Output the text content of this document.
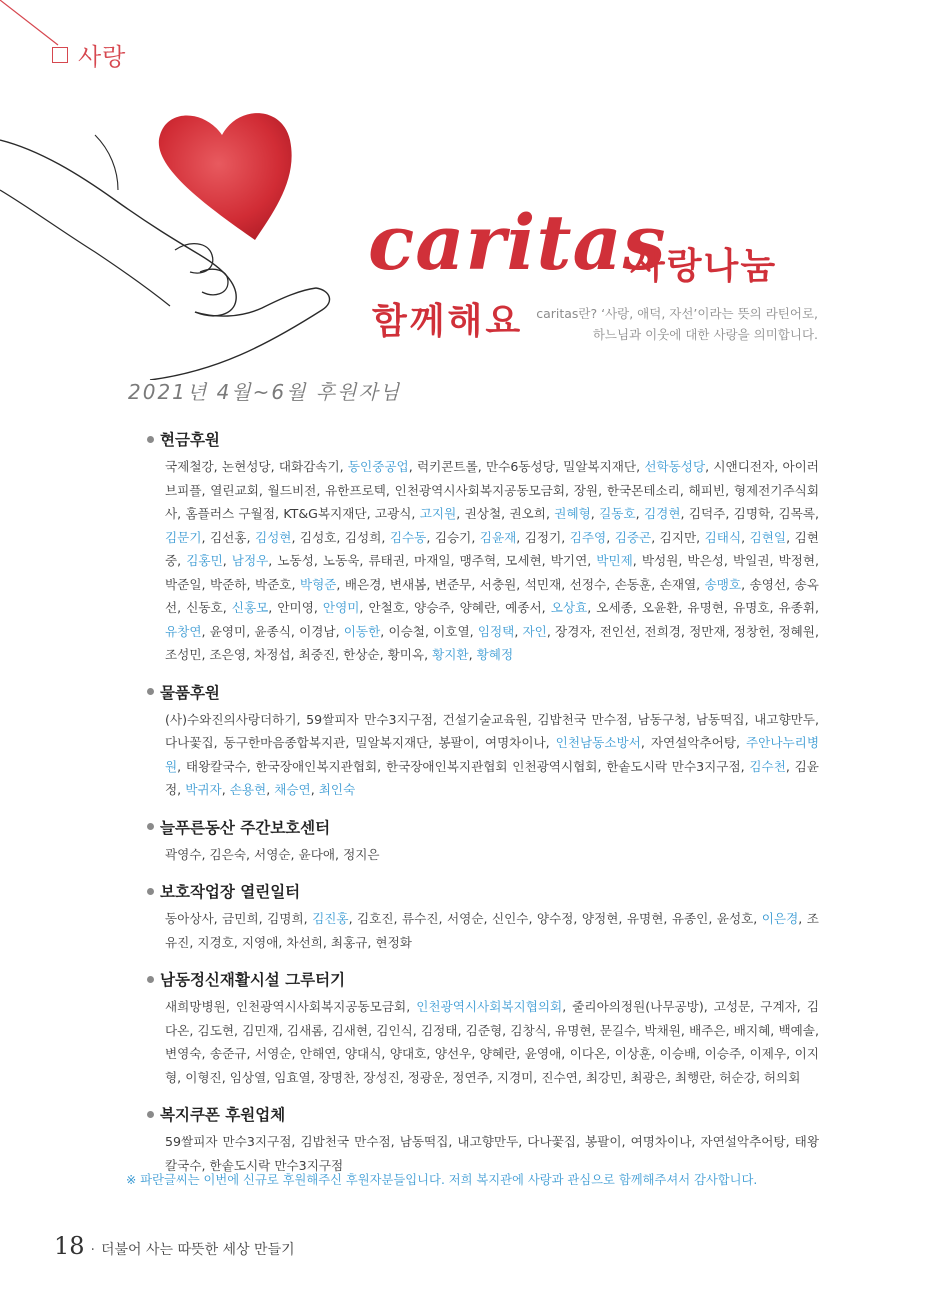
사랑
caritas
사랑나눔
함께해요 caritas란? ‘사랑, 애덕, 자선’이라는 뜻의 라틴어로,
하느님과 이웃에 대한 사랑을 의미합니다.
2021년 4월~6월 후원자님
현금후원
국제철강, 논현성당, 대화감속기, 동인중공업, 럭키콘트롤, 만수6동성당, 밀알복지재단, 선학동성당, 시앤디전자, 아이러브피플, 열린교회, 월드비전, 유한프로텍, 인천광역시사회복지공동모금회, 장원, 한국몬테소리, 해피빈, 형제전기주식회사, 홈플러스 구월점, KT&G복지재단, 고광식, 고지원, 권상철, 권오희, 권혜형, 길동호, 김경현, 김덕주, 김명학, 김목록, 김문기, 김선홍, 김성현, 김성호, 김성희, 김수동, 김승기, 김윤재, 김정기, 김주영, 김중곤, 김지만, 김태식, 김현일, 김현중, 김홍민, 남정우, 노동성, 노동욱, 류태권, 마재일, 맹주혁, 모세현, 박기연, 박민제, 박성원, 박은성, 박일권, 박정현, 박준일, 박준하, 박준호, 박형준, 배은경, 변새봄, 변준무, 서충원, 석민재, 선정수, 손동훈, 손재열, 송맹호, 송영선, 송옥선, 신동호, 신홍모, 안미영, 안영미, 안철호, 양승주, 양혜란, 예종서, 오상효, 오세종, 오윤환, 유명현, 유명호, 유종휘, 유창연, 윤영미, 윤종식, 이경남, 이동한, 이승철, 이호열, 임정택, 자인, 장경자, 전인선, 전희경, 정만재, 정창헌, 정혜원, 조성민, 조은영, 차정섭, 최중진, 한상순, 황미옥, 황지환, 황혜정
물품후원
(사)수와진의사랑더하기, 59쌀피자 만수3지구점, 건설기술교육원, 김밥천국 만수점, 남동구청, 남동떡집, 내고향만두, 다나꽃집, 동구한마음종합복지관, 밀알복지재단, 봉팔이, 여명차이나, 인천남동소방서, 자연설악추어탕, 주안나누리병원, 태왕칼국수, 한국장애인복지관협회, 한국장애인복지관협회 인천광역시협회, 한솥도시락 만수3지구점, 김수천, 김윤정, 박귀자, 손용현, 채승연, 최인숙
늘푸른동산 주간보호센터
곽영수, 김은숙, 서영순, 윤다애, 정지은
보호작업장 열린일터
동아상사, 금민희, 김명희, 김진홍, 김호진, 류수진, 서영순, 신인수, 양수정, 양정현, 유명현, 유종인, 윤성호, 이은경, 조유진, 지경호, 지영애, 차선희, 최홍규, 현정화
남동정신재활시설 그루터기
새희망병원, 인천광역시사회복지공동모금회, 인천광역시사회복지협의회, 줄리아의정원(나무공방), 고성문, 구계자, 김다온, 김도현, 김민재, 김새롬, 김새현, 김인식, 김정태, 김준형, 김창식, 유명현, 문길수, 박채원, 배주은, 배지혜, 백예솔, 변영숙, 송준규, 서영순, 안해연, 양대식, 양대호, 양선우, 양혜란, 윤영애, 이다온, 이상훈, 이승배, 이승주, 이제우, 이지형, 이형진, 임상열, 임효열, 장명찬, 장성진, 정광운, 정연주, 지경미, 진수연, 최강민, 최광은, 최행란, 허순강, 허의회
복지쿠폰 후원업체
59쌀피자 만수3지구점, 김밥천국 만수점, 남동떡집, 내고향만두, 다나꽃집, 봉팔이, 여명차이나, 자연설악추어탕, 태왕칼국수, 한솥도시락 만수3지구점
※ 파란글씨는 이번에 신규로 후원해주신 후원자분들입니다. 저희 복지관에 사랑과 관심으로 함께해주셔서 감사합니다.
18 · 더불어 사는 따뜻한 세상 만들기
